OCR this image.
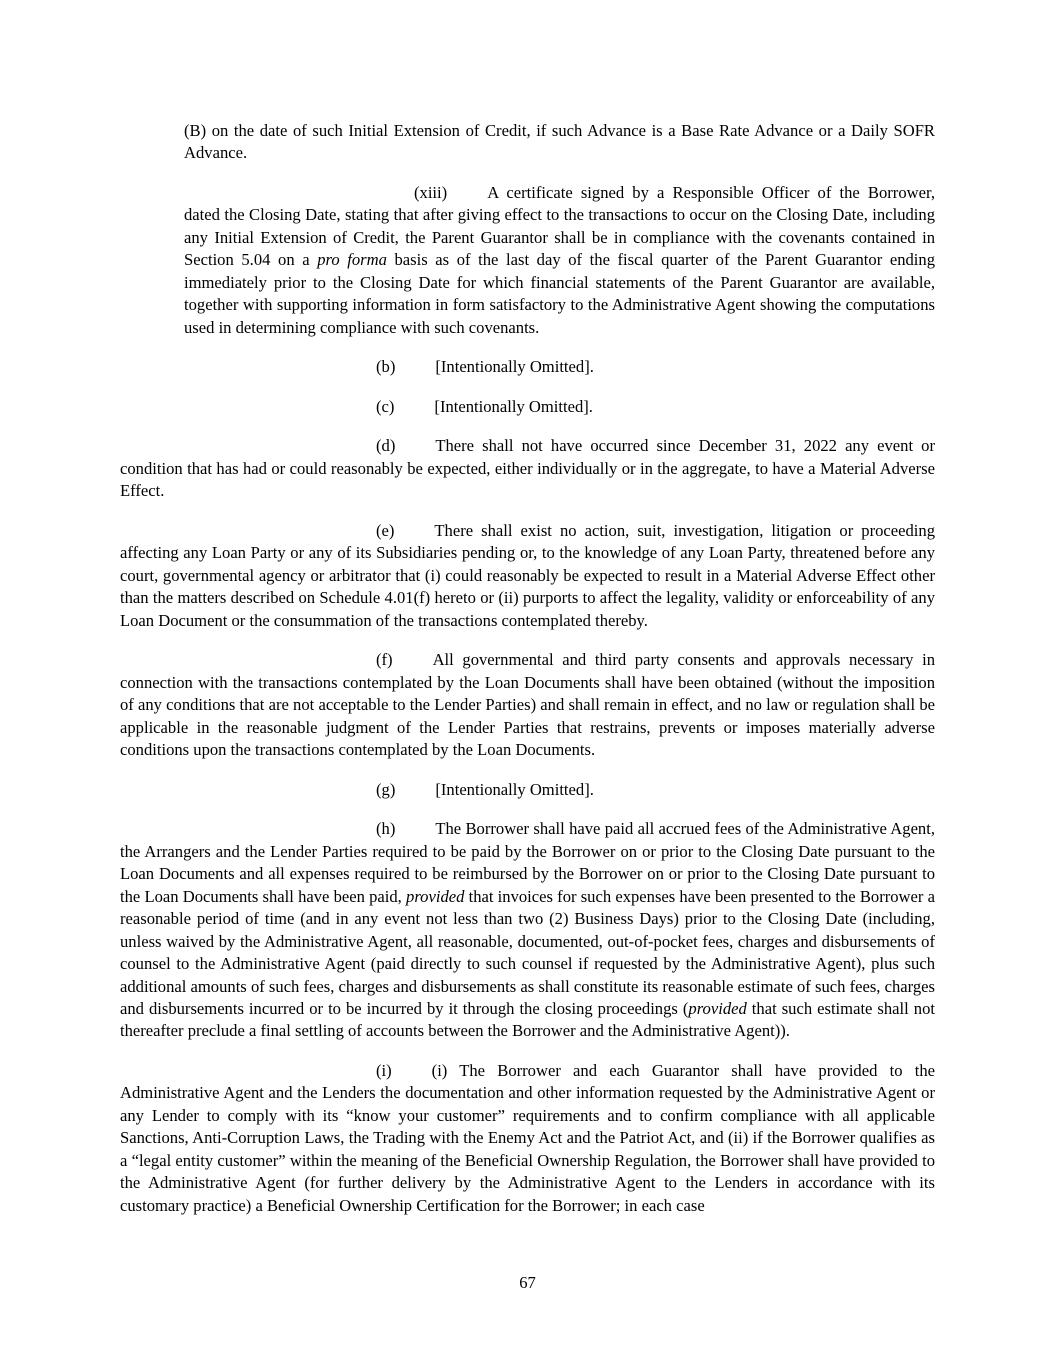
(B) on the date of such Initial Extension of Credit, if such Advance is a Base Rate Advance or a Daily SOFR Advance.

(xiii) A certificate signed by a Responsible Officer of the Borrower, dated the Closing Date, stating that after giving effect to the transactions to occur on the Closing Date, including any Initial Extension of Credit, the Parent Guarantor shall be in compliance with the covenants contained in Section 5.04 on a pro forma basis as of the last day of the fiscal quarter of the Parent Guarantor ending immediately prior to the Closing Date for which financial statements of the Parent Guarantor are available, together with supporting information in form satisfactory to the Administrative Agent showing the computations used in determining compliance with such covenants.

(b) [Intentionally Omitted].

(c) [Intentionally Omitted].

(d) There shall not have occurred since December 31, 2022 any event or condition that has had or could reasonably be expected, either individually or in the aggregate, to have a Material Adverse Effect.

(e) There shall exist no action, suit, investigation, litigation or proceeding affecting any Loan Party or any of its Subsidiaries pending or, to the knowledge of any Loan Party, threatened before any court, governmental agency or arbitrator that (i) could reasonably be expected to result in a Material Adverse Effect other than the matters described on Schedule 4.01(f) hereto or (ii) purports to affect the legality, validity or enforceability of any Loan Document or the consummation of the transactions contemplated thereby.

(f) All governmental and third party consents and approvals necessary in connection with the transactions contemplated by the Loan Documents shall have been obtained (without the imposition of any conditions that are not acceptable to the Lender Parties) and shall remain in effect, and no law or regulation shall be applicable in the reasonable judgment of the Lender Parties that restrains, prevents or imposes materially adverse conditions upon the transactions contemplated by the Loan Documents.

(g) [Intentionally Omitted].

(h) The Borrower shall have paid all accrued fees of the Administrative Agent, the Arrangers and the Lender Parties required to be paid by the Borrower on or prior to the Closing Date pursuant to the Loan Documents and all expenses required to be reimbursed by the Borrower on or prior to the Closing Date pursuant to the Loan Documents shall have been paid, provided that invoices for such expenses have been presented to the Borrower a reasonable period of time (and in any event not less than two (2) Business Days) prior to the Closing Date (including, unless waived by the Administrative Agent, all reasonable, documented, out-of-pocket fees, charges and disbursements of counsel to the Administrative Agent (paid directly to such counsel if requested by the Administrative Agent), plus such additional amounts of such fees, charges and disbursements as shall constitute its reasonable estimate of such fees, charges and disbursements incurred or to be incurred by it through the closing proceedings (provided that such estimate shall not thereafter preclude a final settling of accounts between the Borrower and the Administrative Agent)).

(i) (i) The Borrower and each Guarantor shall have provided to the Administrative Agent and the Lenders the documentation and other information requested by the Administrative Agent or any Lender to comply with its “know your customer” requirements and to confirm compliance with all applicable Sanctions, Anti-Corruption Laws, the Trading with the Enemy Act and the Patriot Act, and (ii) if the Borrower qualifies as a “legal entity customer” within the meaning of the Beneficial Ownership Regulation, the Borrower shall have provided to the Administrative Agent (for further delivery by the Administrative Agent to the Lenders in accordance with its customary practice) a Beneficial Ownership Certification for the Borrower; in each case

67
